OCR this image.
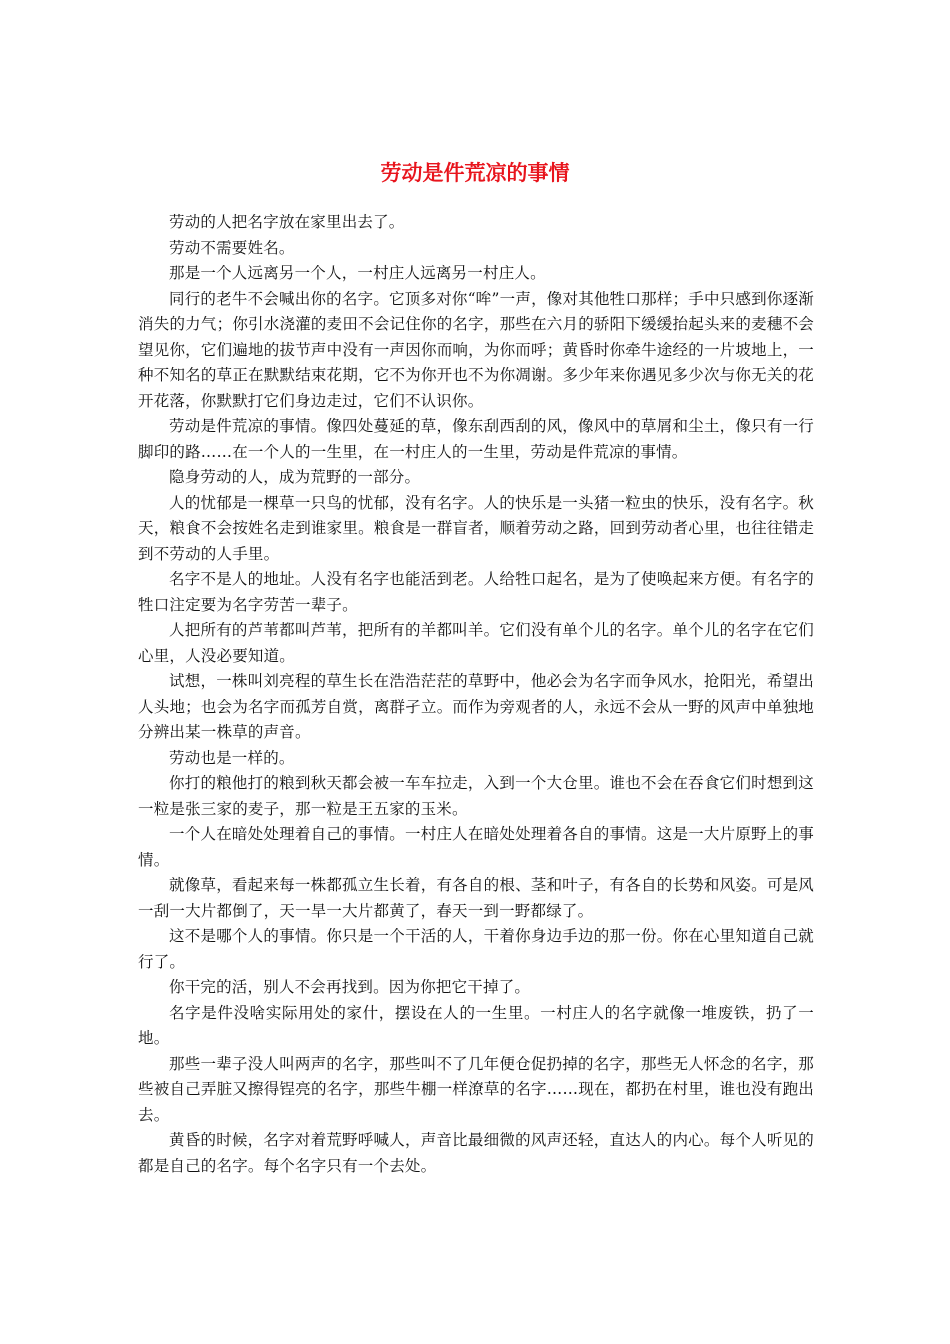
劳动是件荒凉的事情

劳动的人把名字放在家里出去了。

劳动不需要姓名。

那是一个人远离另一个人，一村庄人远离另一村庄人。

同行的老牛不会喊出你的名字。它顶多对你“哞”一声，像对其他牲口那样；手中只感到你逐渐消失的力气；你引水浇灌的麦田不会记住你的名字，那些在六月的骄阳下缓缓抬起头来的麦穗不会望见你，它们遍地的拔节声中没有一声因你而响，为你而呼；黄昏时你牵牛途经的一片坡地上，一种不知名的草正在默默结束花期，它不为你开也不为你凋谢。多少年来你遇见多少次与你无关的花开花落，你默默打它们身边走过，它们不认识你。

劳动是件荒凉的事情。像四处蔓延的草，像东刮西刮的风，像风中的草屑和尘土，像只有一行脚印的路……在一个人的一生里，在一村庄人的一生里，劳动是件荒凉的事情。

隐身劳动的人，成为荒野的一部分。

人的忧郁是一棵草一只鸟的忧郁，没有名字。人的快乐是一头猪一粒虫的快乐，没有名字。秋天，粮食不会按姓名走到谁家里。粮食是一群盲者，顺着劳动之路，回到劳动者心里，也往往错走到不劳动的人手里。

名字不是人的地址。人没有名字也能活到老。人给牲口起名，是为了使唤起来方便。有名字的牲口注定要为名字劳苦一辈子。

人把所有的芦苇都叫芦苇，把所有的羊都叫羊。它们没有单个儿的名字。单个儿的名字在它们心里，人没必要知道。

试想，一株叫刘亮程的草生长在浩浩茫茫的草野中，他必会为名字而争风水，抢阳光，希望出人头地；也会为名字而孤芳自赏，离群孑立。而作为旁观者的人，永远不会从一野的风声中单独地分辨出某一株草的声音。

劳动也是一样的。

你打的粮他打的粮到秋天都会被一车车拉走，入到一个大仓里。谁也不会在吞食它们时想到这一粒是张三家的麦子，那一粒是王五家的玉米。

一个人在暗处处理着自己的事情。一村庄人在暗处处理着各自的事情。这是一大片原野上的事情。

就像草，看起来每一株都孤立生长着，有各自的根、茎和叶子，有各自的长势和风姿。可是风一刮一大片都倒了，天一旱一大片都黄了，春天一到一野都绿了。

这不是哪个人的事情。你只是一个干活的人，干着你身边手边的那一份。你在心里知道自己就行了。

你干完的活，别人不会再找到。因为你把它干掉了。

名字是件没啥实际用处的家什，摆设在人的一生里。一村庄人的名字就像一堆废铁，扔了一地。

那些一辈子没人叫两声的名字，那些叫不了几年便仓促扔掉的名字，那些无人怀念的名字，那些被自己弄脏又擦得锃亮的名字，那些牛棚一样潦草的名字……现在，都扔在村里，谁也没有跑出去。

黄昏的时候，名字对着荒野呼喊人，声音比最细微的风声还轻，直达人的内心。每个人听见的都是自己的名字。每个名字只有一个去处。
